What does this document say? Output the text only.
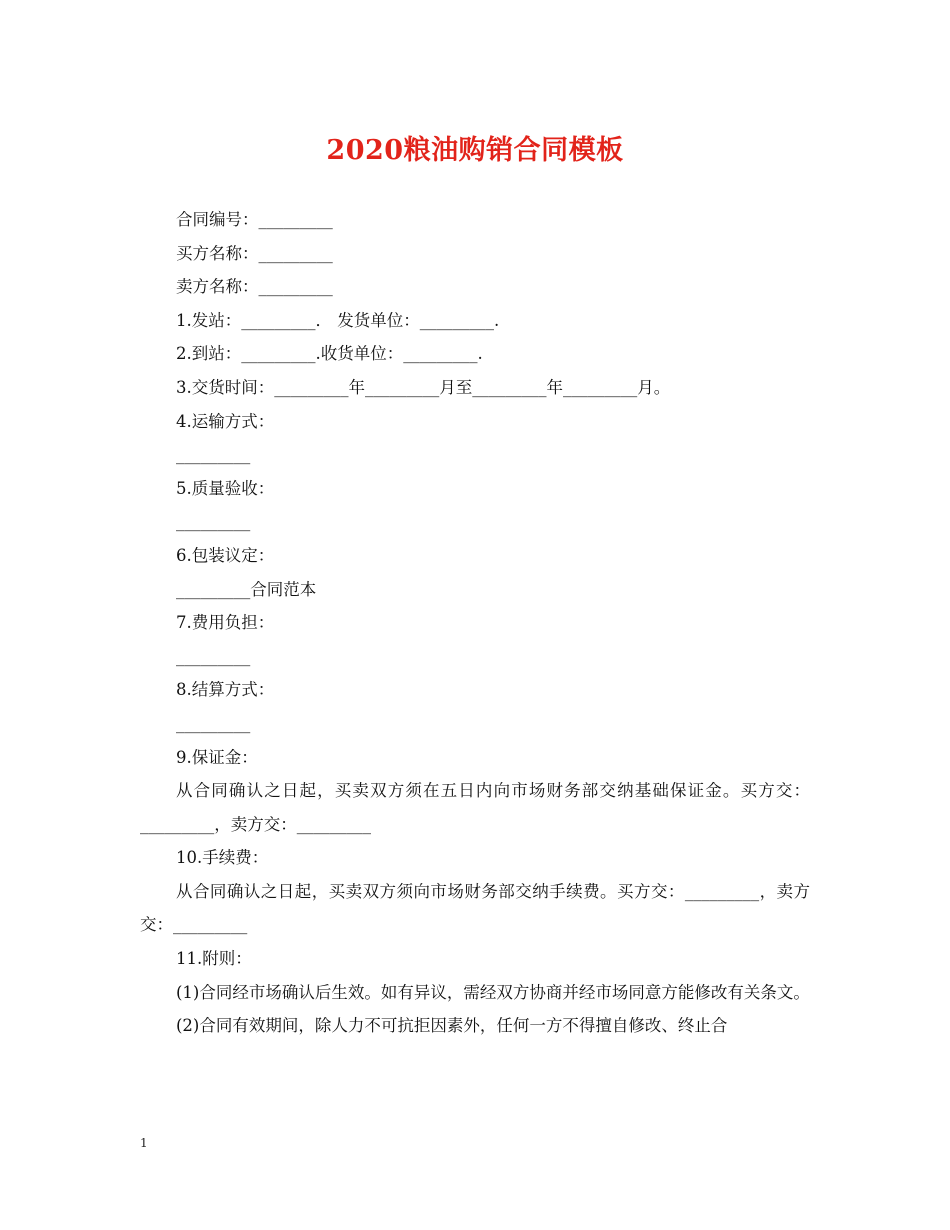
2020粮油购销合同模板
合同编号：_________
买方名称：_________
卖方名称：_________
1.发站：_________． 发货单位：_________.
2.到站：_________.收货单位：_________.
3.交货时间：_________年_________月至_________年_________月。
4.运输方式：
_________
5.质量验收：
_________
6.包装议定：
_________合同范本
7.费用负担：
_________
8.结算方式：
_________
9.保证金：
从合同确认之日起，买卖双方须在五日内向市场财务部交纳基础保证金。买方交：_________，卖方交：_________
10.手续费：
从合同确认之日起，买卖双方须向市场财务部交纳手续费。买方交：_________，卖方交：_________
11.附则：
(1)合同经市场确认后生效。如有异议，需经双方协商并经市场同意方能修改有关条文。
(2)合同有效期间，除人力不可抗拒因素外，任何一方不得擅自修改、终止合
1
